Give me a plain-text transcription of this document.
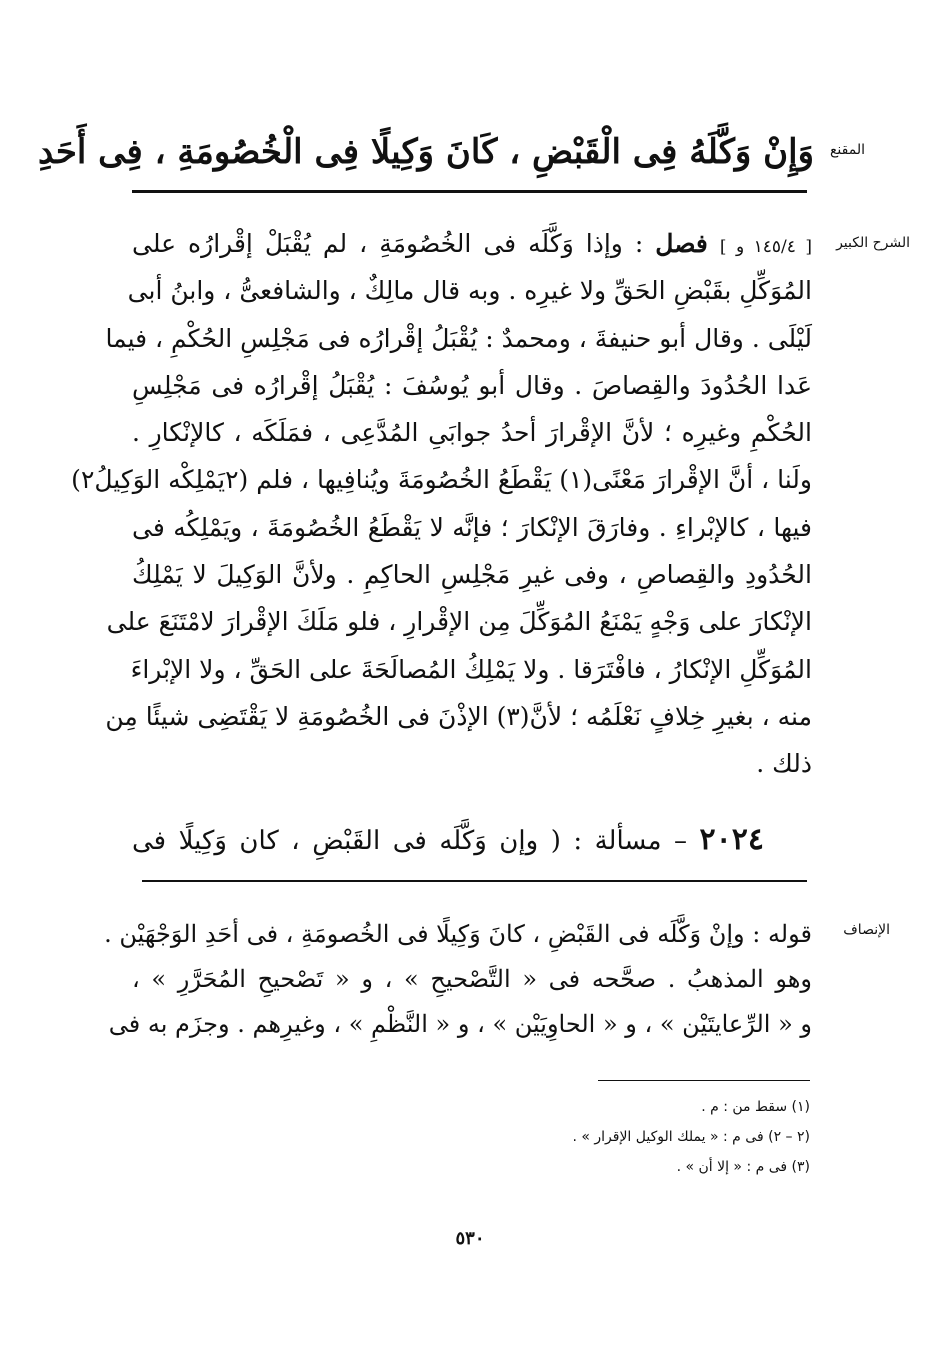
المقنع
وَإِنْ وَكَّلَهُ فِى الْقَبْضِ ، كَانَ وَكِيلًا فِى الْخُصُومَةِ ، فِى أَحَدِ
الشرح الكبير
[ ١٤٥/٤ و ] فصل : وإذا وَكَّلَه فى الخُصُومَةِ ، لم يُقْبَلْ إقْرارُه على
المُوَكِّلِ بقَبْضِ الحَقِّ ولا غيرِه . وبه قال مالِكٌ ، والشافعىُّ ، وابنُ أبى
لَيْلَى . وقال أبو حنيفةَ ، ومحمدٌ : يُقْبَلُ إقْرارُه فى مَجْلِسِ الحُكْمِ ، فيما
عَدا الحُدُودَ والقِصاصَ . وقال أبو يُوسُفَ : يُقْبَلُ إقْرارُه فى مَجْلِسِ
الحُكْمِ وغيرِه ؛ لأنَّ الإقْرارَ أحدُ جوابَىِ المُدَّعِى ، فمَلَكَه ، كالإنْكارِ .
ولَنا ، أنَّ الإقْرارَ مَعْنًى(١) يَقْطَعُ الخُصُومَةَ ويُنافِيها ، فلم (٢يَمْلِكْه الوَكِيلُ٢)
فيها ، كالإبْراءِ . وفارَقَ الإنْكارَ ؛ فإنَّه لا يَقْطَعُ الخُصُومَةَ ، ويَمْلِكُه فى
الحُدُودِ والقِصاصِ ، وفى غيرِ مَجْلِسِ الحاكِمِ . ولأنَّ الوَكِيلَ لا يَمْلِكُ
الإنْكارَ على وَجْهٍ يَمْنَعُ المُوَكِّلَ مِن الإقْرارِ ، فلو مَلَكَ الإقْرارَ لامْتَنَعَ على
المُوَكِّلِ الإنْكارُ ، فافْتَرَقا . ولا يَمْلِكُ المُصالَحَةَ على الحَقِّ ، ولا الإبْراءَ
منه ، بغيرِ خِلافٍ نَعْلَمُه ؛ لأنَّ(٣) الإذْنَ فى الخُصُومَةِ لا يَقْتَضِى شيئًا مِن
ذلك .
٢٠٢٤ – مسألة : ( وإن وَكَّلَه فى القَبْضِ ، كان وَكِيلًا فى
الإنصاف
قوله : وإنْ وَكَّلَه فى القَبْضِ ، كانَ وَكِيلًا فى الخُصومَةِ ، فى أحَدِ الوَجْهَيْن .
وهو المذهبُ . صحَّحه فى « التَّصْحيحِ » ، و « تَصْحيحِ المُحَرَّرِ » ،
و « الرِّعايتَيْن » ، و « الحاوِيَيْن » ، و « النَّظْمِ » ، وغيرِهم . وجزَم به فى
(١) سقط من : م .
(٢ – ٢) فى م : « يملك الوكيل الإقرار » .
(٣) فى م : « إلا أن » .
٥٣٠
